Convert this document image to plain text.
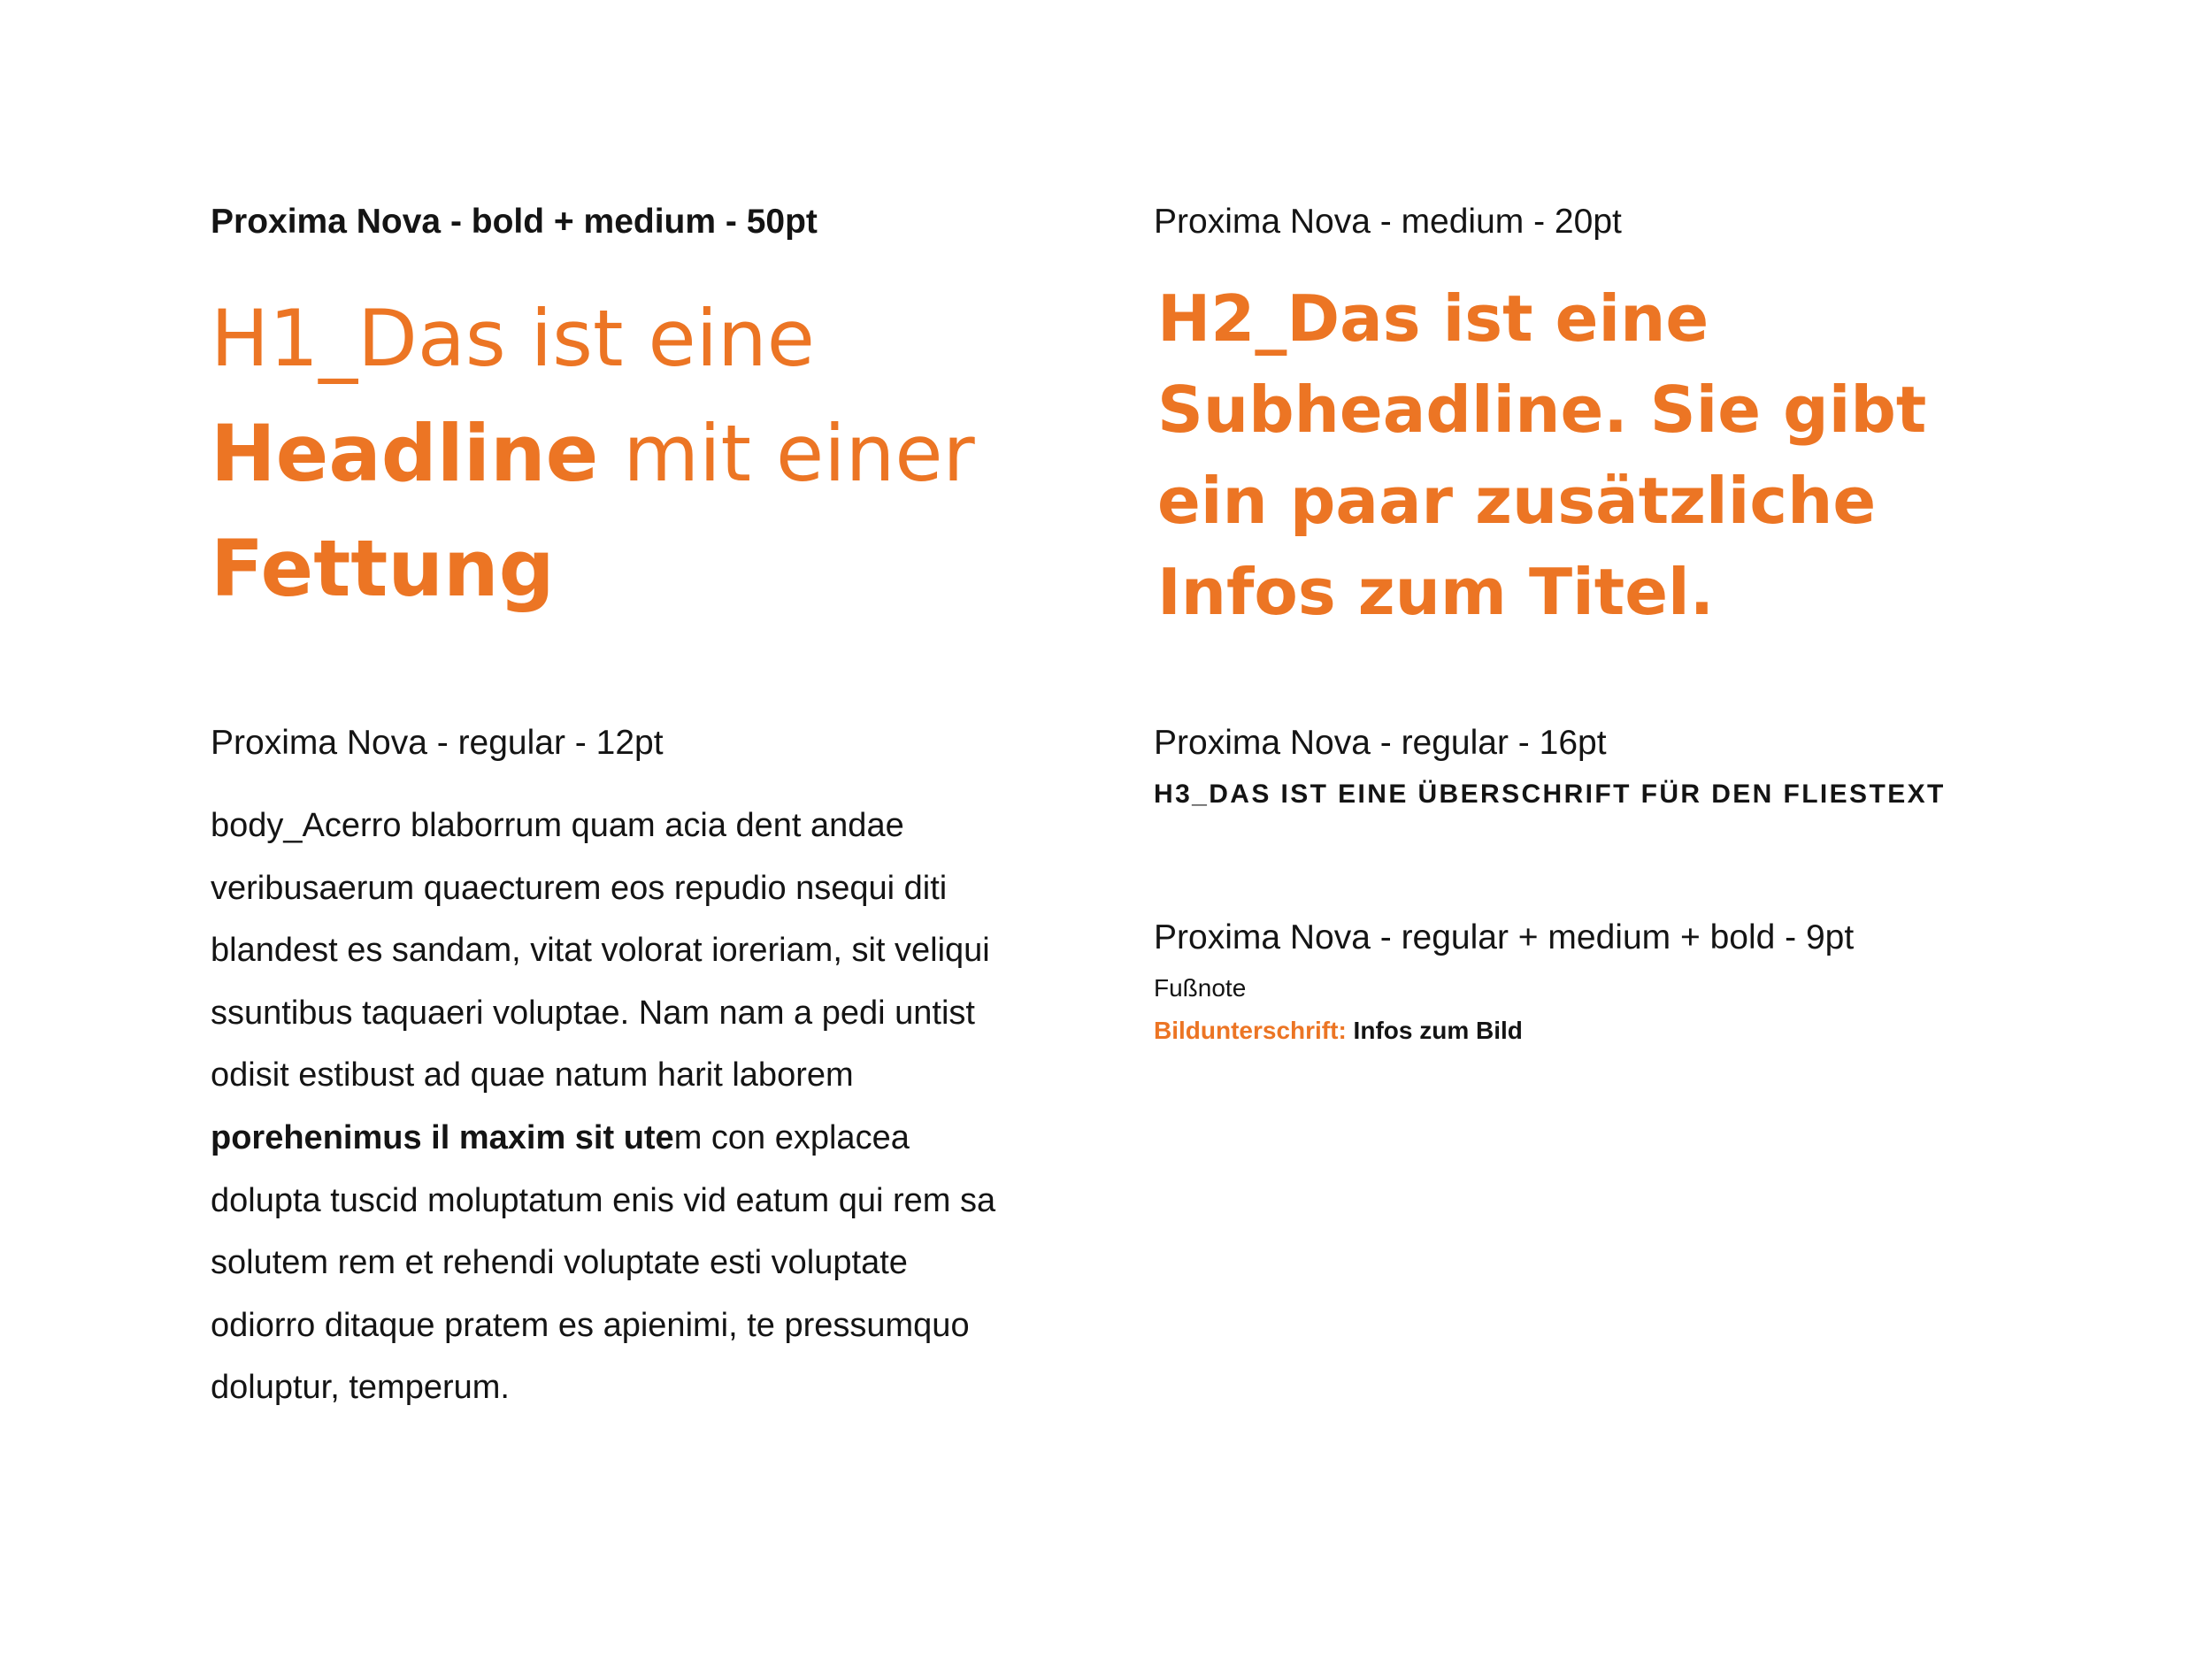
Proxima Nova - bold + medium - 50pt
H1_Das ist eine
Headline mit einer
Fettung
Proxima Nova - regular - 12pt

body_Acerro blaborrum quam acia dent andae veribusaerum quaecturem eos repudio nsequi diti blandest es sandam, vitat volorat ioreriam, sit veliqui ssuntibus taquaeri voluptae. Nam nam a pedi untist odisit estibust ad quae natum harit laborem porehenimus il maxim sit utem con explacea dolupta tuscid moluptatum enis vid eatum qui rem sa solutem rem et rehendi voluptate esti voluptate odiorro ditaque pratem es apienimi, te pressumquo doluptur, temperum.

Proxima Nova - medium - 20pt
H2_Das ist eine Subheadline. Sie gibt ein paar zusätzliche Infos zum Titel.
Proxima Nova - regular - 16pt
H3_DAS IST EINE ÜBERSCHRIFT FÜR DEN FLIESTEXT
Proxima Nova - regular + medium + bold - 9pt

Fußnote

Bildunterschrift: Infos zum Bild
